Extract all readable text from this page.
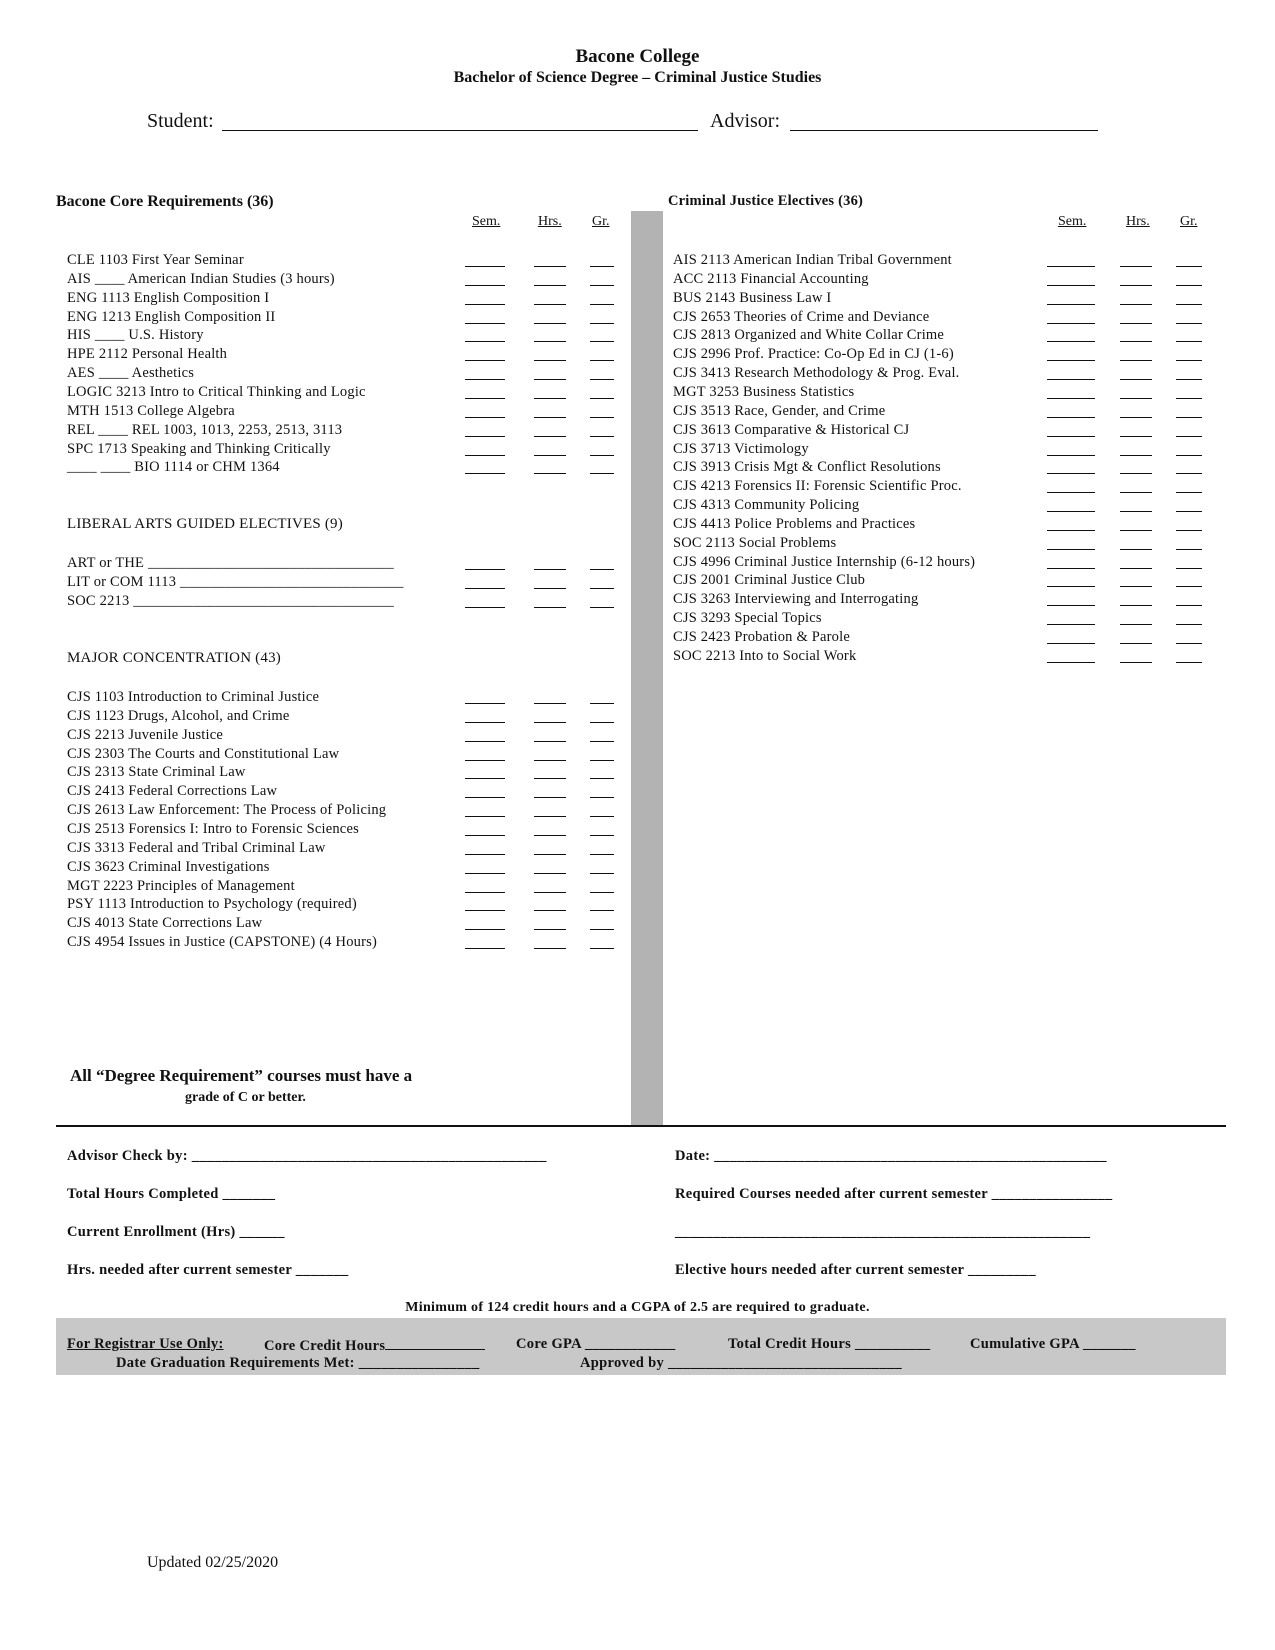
Bacone College
Bachelor of Science Degree – Criminal Justice Studies
Student:	Advisor:
Bacone Core Requirements (36)
Sem.	Hrs. Gr.
Criminal Justice Electives (36)
Sem.	Hrs. Gr.
CLE 1103 First Year Seminar
AIS ____ American Indian Studies (3 hours)
ENG 1113 English Composition I
ENG 1213 English Composition II
HIS ____ U.S. History
HPE 2112 Personal Health
AES ____ Aesthetics
LOGIC 3213 Intro to Critical Thinking and Logic
MTH 1513 College Algebra
REL ____ REL 1003, 1013, 2253, 2513, 3113
SPC 1713 Speaking and Thinking Critically
____ ____ BIO 1114 or CHM 1364
LIBERAL ARTS GUIDED ELECTIVES (9)
ART or THE _________________________________
LIT or COM 1113 ______________________________
SOC 2213 ___________________________________
MAJOR CONCENTRATION (43)
CJS 1103 Introduction to Criminal Justice
CJS 1123 Drugs, Alcohol, and Crime
CJS 2213 Juvenile Justice
CJS 2303 The Courts and Constitutional Law
CJS 2313 State Criminal Law
CJS 2413 Federal Corrections Law
CJS 2613 Law Enforcement: The Process of Policing
CJS 2513 Forensics I: Intro to Forensic Sciences
CJS 3313 Federal and Tribal Criminal Law
CJS 3623 Criminal Investigations
MGT 2223 Principles of Management
PSY 1113 Introduction to Psychology (required)
CJS 4013 State Corrections Law
CJS 4954 Issues in Justice (CAPSTONE) (4 Hours)
AIS 2113 American Indian Tribal Government
ACC 2113 Financial Accounting
BUS 2143 Business Law I
CJS 2653 Theories of Crime and Deviance
CJS 2813 Organized and White Collar Crime
CJS 2996 Prof. Practice: Co-Op Ed in CJ (1-6)
CJS 3413 Research Methodology & Prog. Eval.
MGT 3253 Business Statistics
CJS 3513 Race, Gender, and Crime
CJS 3613 Comparative & Historical CJ
CJS 3713 Victimology
CJS 3913 Crisis Mgt & Conflict Resolutions
CJS 4213 Forensics II: Forensic Scientific Proc.
CJS 4313 Community Policing
CJS 4413 Police Problems and Practices
SOC 2113 Social Problems
CJS 4996 Criminal Justice Internship (6-12 hours)
CJS 2001 Criminal Justice Club
CJS 3263 Interviewing and Interrogating
CJS 3293 Special Topics
CJS 2423 Probation & Parole
SOC 2213 Into to Social Work
All “Degree Requirement” courses must have a
grade of C or better.
Advisor Check by: _______________________________________________	Date: ____________________________________________________
Total Hours Completed _______	Required Courses needed after current semester ________________
Current Enrollment (Hrs) ______	_______________________________________________________
Hrs. needed after current semester _______	Elective hours needed after current semester _________
Minimum of 124 credit hours and a CGPA of 2.5 are required to graduate.
For Registrar Use Only:	Core Credit Hours	Core GPA ____________	Total Credit Hours __________	Cumulative GPA _______
Date Graduation Requirements Met: ________________	Approved by _______________________________
Updated 02/25/2020
